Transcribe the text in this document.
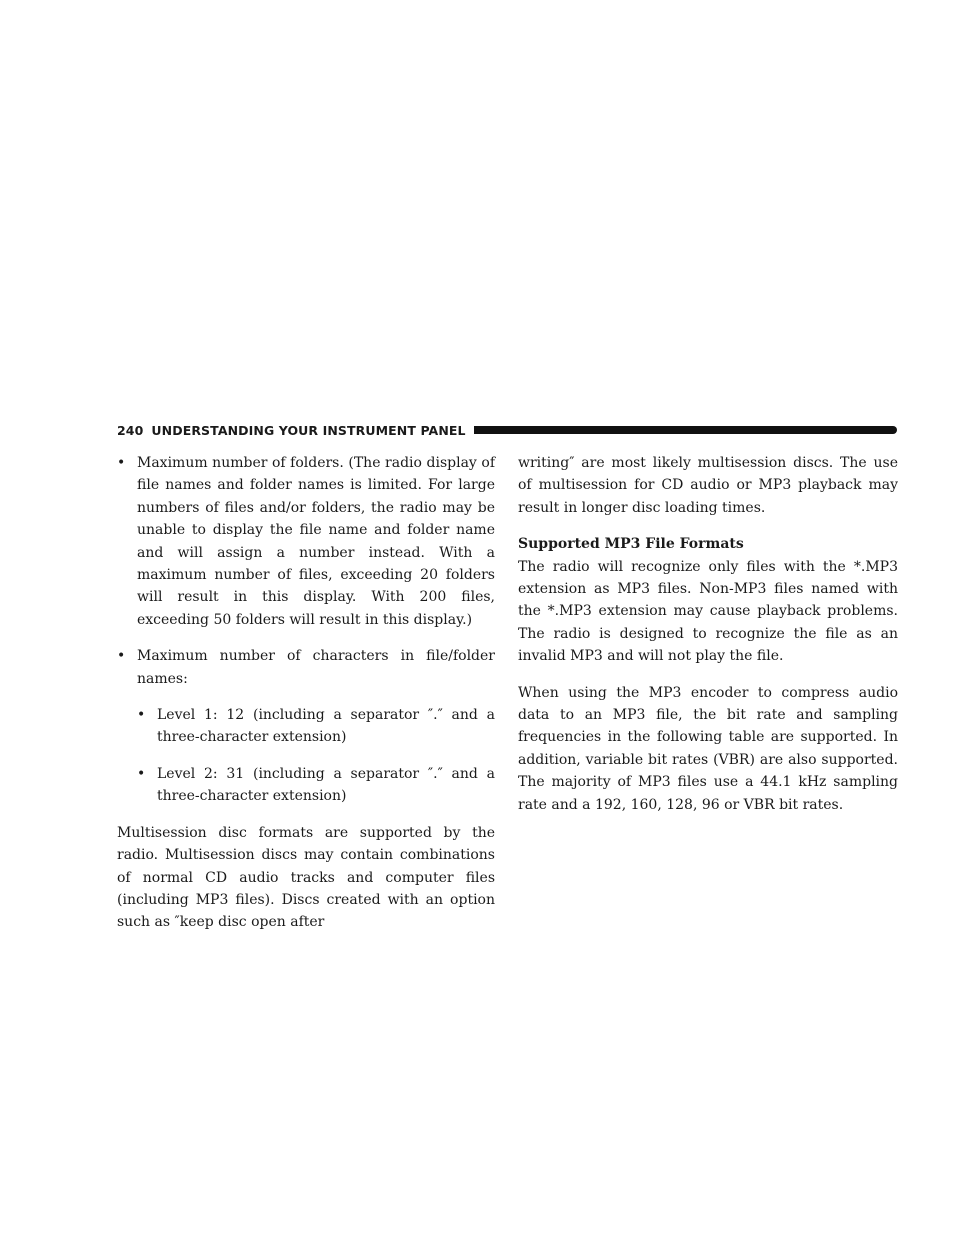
240 UNDERSTANDING YOUR INSTRUMENT PANEL
• Maximum number of folders. (The radio display of file names and folder names is limited. For large numbers of files and/or folders, the radio may be unable to display the file name and folder name and will assign a number instead. With a maximum number of files, exceeding 20 folders will result in this display. With 200 files, exceeding 50 folders will result in this display.)
• Maximum number of characters in file/folder names:
• Level 1: 12 (including a separator ″.″ and a three-character extension)
• Level 2: 31 (including a separator ″.″ and a three-character extension)

Multisession disc formats are supported by the radio. Multisession discs may contain combinations of normal CD audio tracks and computer files (including MP3 files). Discs created with an option such as ″keep disc open after

writing″ are most likely multisession discs. The use of multisession for CD audio or MP3 playback may result in longer disc loading times.

Supported MP3 File Formats

The radio will recognize only files with the *.MP3 extension as MP3 files. Non-MP3 files named with the *.MP3 extension may cause playback problems. The radio is designed to recognize the file as an invalid MP3 and will not play the file.

When using the MP3 encoder to compress audio data to an MP3 file, the bit rate and sampling frequencies in the following table are supported. In addition, variable bit rates (VBR) are also supported. The majority of MP3 files use a 44.1 kHz sampling rate and a 192, 160, 128, 96 or VBR bit rates.
